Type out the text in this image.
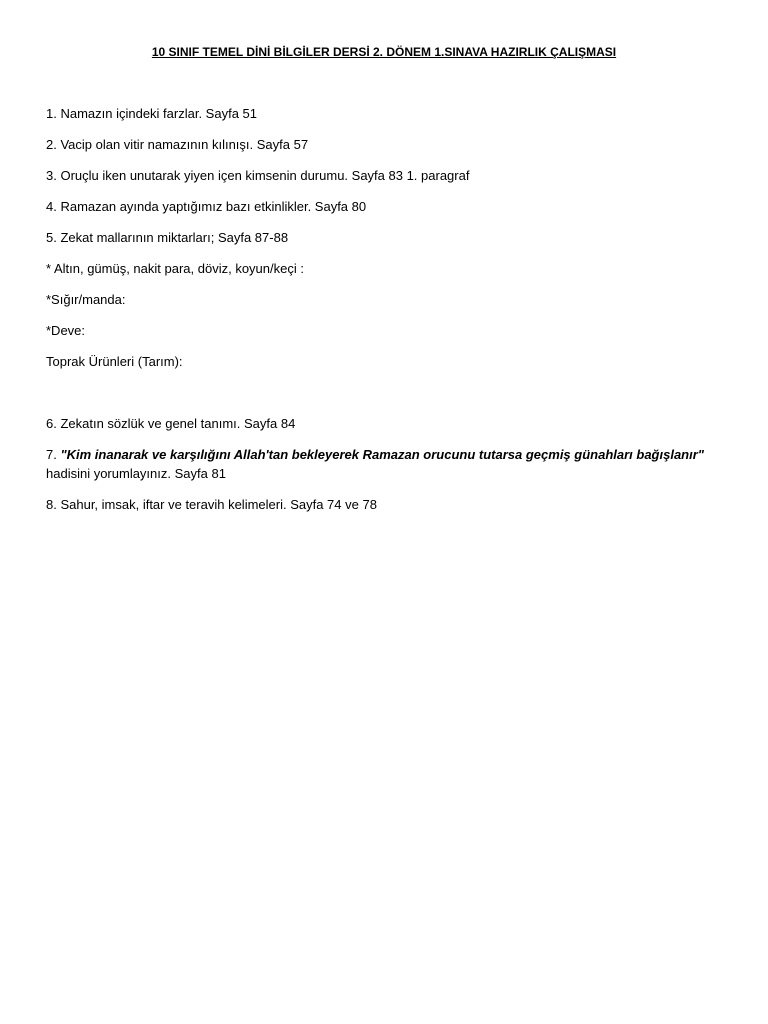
10 SINIF TEMEL DİNİ BİLGİLER DERSİ 2. DÖNEM 1.SINAVA HAZIRLIK ÇALIŞMASI
1. Namazın içindeki farzlar. Sayfa 51
2. Vacip olan vitir namazının kılınışı. Sayfa 57
3. Oruçlu iken unutarak yiyen içen kimsenin durumu. Sayfa 83 1. paragraf
4. Ramazan ayında yaptığımız bazı etkinlikler. Sayfa 80
5. Zekat mallarının miktarları; Sayfa 87-88
* Altın, gümüş, nakit para, döviz, koyun/keçi :
*Sığır/manda:
*Deve:
Toprak Ürünleri (Tarım):
6. Zekatın sözlük ve genel tanımı. Sayfa 84
7. "Kim inanarak ve karşılığını Allah'tan bekleyerek Ramazan orucunu tutarsa geçmiş günahları bağışlanır"
hadisini yorumlayınız. Sayfa 81
8. Sahur, imsak, iftar ve teravih kelimeleri. Sayfa 74 ve 78
